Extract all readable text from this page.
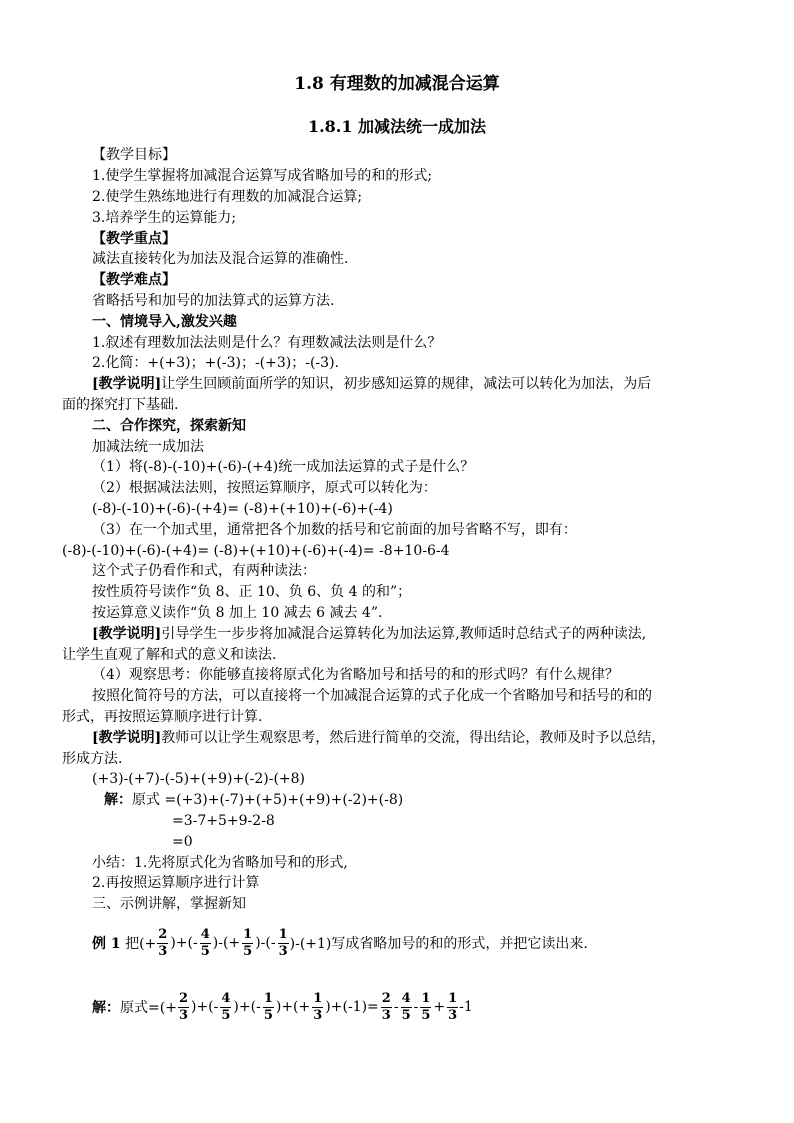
1.8 有理数的加减混合运算
1.8.1 加减法统一成加法
【教学目标】
1.使学生掌握将加减混合运算写成省略加号的和的形式;
2.使学生熟练地进行有理数的加减混合运算;
3.培养学生的运算能力;
【教学重点】
减法直接转化为加法及混合运算的准确性.
【教学难点】
省略括号和加号的加法算式的运算方法.
一、情境导入,激发兴趣
1.叙述有理数加法法则是什么？有理数减法法则是什么？
2.化简：+(+3)；+(-3)；-(+3)；-(-3).
[教学说明]让学生回顾前面所学的知识，初步感知运算的规律，减法可以转化为加法，为后
面的探究打下基础.
二、合作探究，探索新知
加减法统一成加法
（1）将(-8)-(-10)+(-6)-(+4)统一成加法运算的式子是什么？
（2）根据减法法则，按照运算顺序，原式可以转化为：
(-8)-(-10)+(-6)-(+4)= (-8)+(+10)+(-6)+(-4)
（3）在一个加式里，通常把各个加数的括号和它前面的加号省略不写，即有：
(-8)-(-10)+(-6)-(+4)= (-8)+(+10)+(-6)+(-4)= -8+10-6-4
这个式子仍看作和式，有两种读法：
按性质符号读作“负 8、正 10、负 6、负 4 的和”；
按运算意义读作“负 8 加上 10 减去 6 减去 4”.
[教学说明]引导学生一步步将加减混合运算转化为加法运算,教师适时总结式子的两种读法,
让学生直观了解和式的意义和读法.
（4）观察思考：你能够直接将原式化为省略加号和括号的和的形式吗？有什么规律？
按照化简符号的方法，可以直接将一个加减混合运算的式子化成一个省略加号和括号的和的
形式，再按照运算顺序进行计算.
[教学说明]教师可以让学生观察思考，然后进行简单的交流，得出结论，教师及时予以总结，
形成方法.
(+3)-(+7)-(-5)+(+9)+(-2)-(+8)
解：原式 =(+3)+(-7)+(+5)+(+9)+(-2)+(-8)
=3-7+5+9-2-8
=0
小结：1.先将原式化为省略加号和的形式,
2.再按照运算顺序进行计算
三、示例讲解，掌握新知
例 1
把(+ $\frac{2}{3}$ )+(- $\frac{4}{5}$ )-(+ $\frac{1}{5}$ )-(- $\frac{1}{3} )-(+1)$写成省略加号的和的形式，并把它读出来.
解： 原式=(+ $\frac{2}{3}$ )+(- $\frac{4}{5}$ )+(- $\frac{1}{5}$ )+(+ $\frac{1}{3} )+(-1)= \frac{2}{3} - \frac{4}{5} - \frac{1}{5} + \frac{1}{3} -1$
